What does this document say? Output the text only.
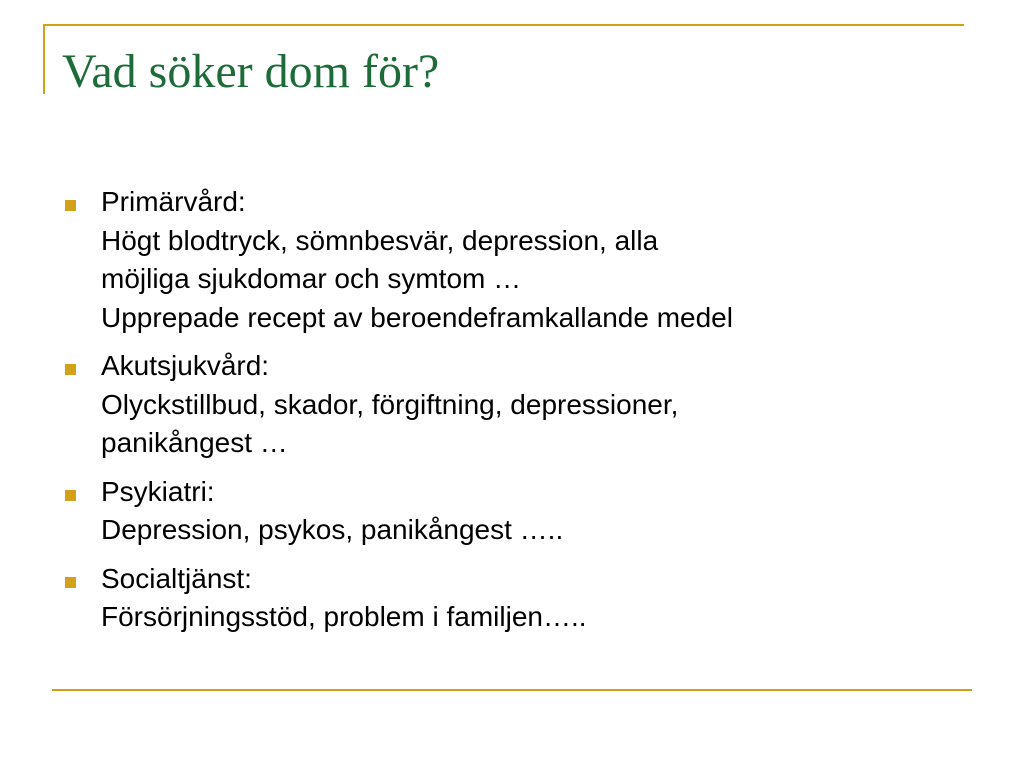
Vad söker dom för?
Primärvård:
Högt blodtryck, sömnbesvär, depression, alla
möjliga sjukdomar och symtom …
Upprepade recept av beroendeframkallande medel
Akutsjukvård:
Olyckstillbud, skador, förgiftning, depressioner,
panikångest …
Psykiatri:
Depression, psykos, panikångest …..
Socialtjänst:
Försörjningsstöd, problem i familjen…..
